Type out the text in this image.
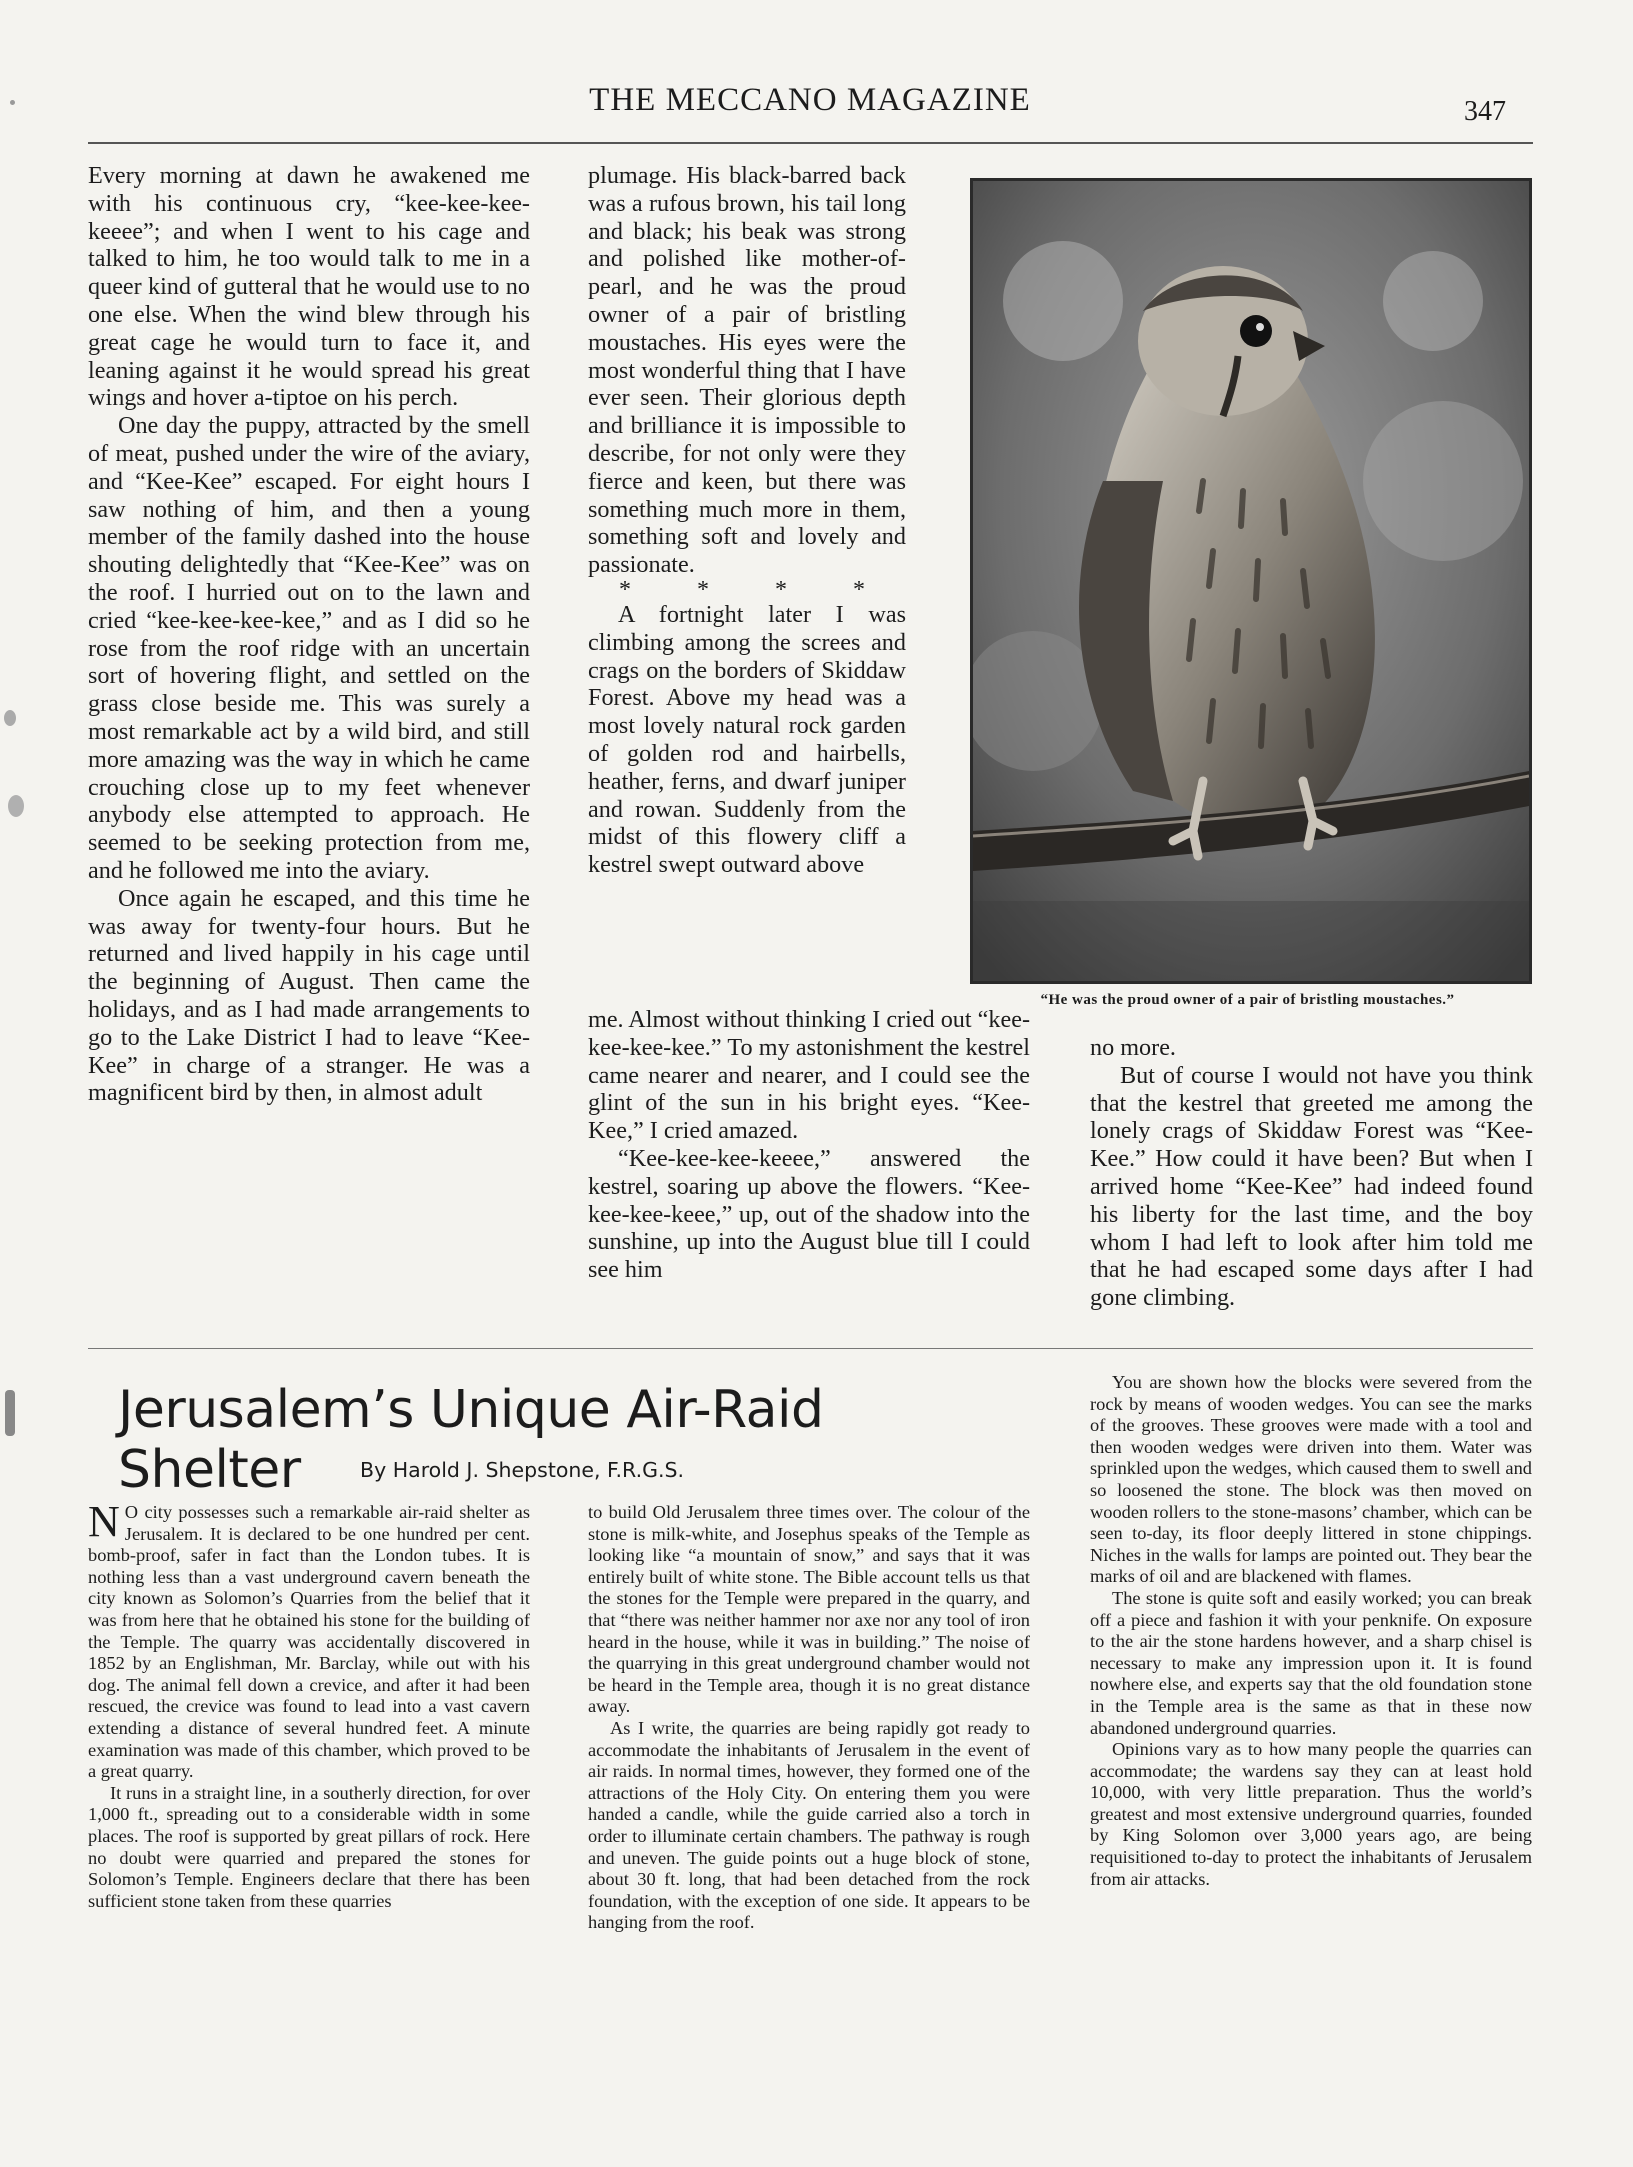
THE MECCANO MAGAZINE	347

Every morning at dawn he awakened me with his continuous cry, “kee-kee-kee-keeee”; and when I went to his cage and talked to him, he too would talk to me in a queer kind of gutteral that he would use to no one else. When the wind blew through his great cage he would turn to face it, and leaning against it he would spread his great wings and hover a-tiptoe on his perch.

One day the puppy, attracted by the smell of meat, pushed under the wire of the aviary, and “Kee-Kee” escaped. For eight hours I saw nothing of him, and then a young member of the family dashed into the house shouting delightedly that “Kee-Kee” was on the roof. I hurried out on to the lawn and cried “kee-kee-kee-kee,” and as I did so he rose from the roof ridge with an uncertain sort of hovering flight, and settled on the grass close beside me. This was surely a most remarkable act by a wild bird, and still more amazing was the way in which he came crouching close up to my feet whenever anybody else attempted to approach. He seemed to be seeking protection from me, and he followed me into the aviary.

Once again he escaped, and this time he was away for twenty-four hours. But he returned and lived happily in his cage until the beginning of August. Then came the holidays, and as I had made arrangements to go to the Lake District I had to leave “Kee-Kee” in charge of a stranger. He was a magnificent bird by then, in almost adult

plumage. His black-barred back was a rufous brown, his tail long and black; his beak was strong and polished like mother-of-pearl, and he was the proud owner of a pair of bristling moustaches. His eyes were the most wonderful thing that I have ever seen. Their glorious depth and brilliance it is impossible to describe, for not only were they fierce and keen, but there was something much more in them, something soft and lovely and passionate.

* * * *

A fortnight later I was climbing among the screes and crags on the borders of Skiddaw Forest. Above my head was a most lovely natural rock garden of golden rod and hairbells, heather, ferns, and dwarf juniper and rowan. Suddenly from the midst of this flowery cliff a kestrel swept outward above

“He was the proud owner of a pair of bristling moustaches.”

me. Almost without thinking I cried out “kee-kee-kee-kee.” To my astonishment the kestrel came nearer and nearer, and I could see the glint of the sun in his bright eyes. “Kee-Kee,” I cried amazed.

“Kee-kee-kee-keeee,” answered the kestrel, soaring up above the flowers. “Kee-kee-kee-keee,” up, out of the shadow into the sunshine, up into the August blue till I could see him

no more.

But of course I would not have you think that the kestrel that greeted me among the lonely crags of Skiddaw Forest was “Kee-Kee.” How could it have been? But when I arrived home “Kee-Kee” had indeed found his liberty for the last time, and the boy whom I had left to look after him told me that he had escaped some days after I had gone climbing.

Jerusalem’s Unique Air-Raid Shelter	By Harold J. Shepstone, F.R.G.S.

N O city possesses such a remarkable air-raid shelter as Jerusalem. It is declared to be one hundred per cent. bomb-proof, safer in fact than the London tubes. It is nothing less than a vast underground cavern beneath the city known as Solomon’s Quarries from the belief that it was from here that he obtained his stone for the building of the Temple. The quarry was accidentally discovered in 1852 by an Englishman, Mr. Barclay, while out with his dog. The animal fell down a crevice, and after it had been rescued, the crevice was found to lead into a vast cavern extending a distance of several hundred feet. A minute examination was made of this chamber, which proved to be a great quarry.

It runs in a straight line, in a southerly direction, for over 1,000 ft., spreading out to a considerable width in some places. The roof is supported by great pillars of rock. Here no doubt were quarried and prepared the stones for Solomon’s Temple. Engineers declare that there has been sufficient stone taken from these quarries

to build Old Jerusalem three times over. The colour of the stone is milk-white, and Josephus speaks of the Temple as looking like “a mountain of snow,” and says that it was entirely built of white stone. The Bible account tells us that the stones for the Temple were prepared in the quarry, and that “there was neither hammer nor axe nor any tool of iron heard in the house, while it was in building.” The noise of the quarrying in this great underground chamber would not be heard in the Temple area, though it is no great distance away.

As I write, the quarries are being rapidly got ready to accommodate the inhabitants of Jerusalem in the event of air raids. In normal times, however, they formed one of the attractions of the Holy City. On entering them you were handed a candle, while the guide carried also a torch in order to illuminate certain chambers. The pathway is rough and uneven. The guide points out a huge block of stone, about 30 ft. long, that had been detached from the rock foundation, with the exception of one side. It appears to be hanging from the roof.

You are shown how the blocks were severed from the rock by means of wooden wedges. You can see the marks of the grooves. These grooves were made with a tool and then wooden wedges were driven into them. Water was sprinkled upon the wedges, which caused them to swell and so loosened the stone. The block was then moved on wooden rollers to the stone-masons’ chamber, which can be seen to-day, its floor deeply littered in stone chippings. Niches in the walls for lamps are pointed out. They bear the marks of oil and are blackened with flames.

The stone is quite soft and easily worked; you can break off a piece and fashion it with your penknife. On exposure to the air the stone hardens however, and a sharp chisel is necessary to make any impression upon it. It is found nowhere else, and experts say that the old foundation stone in the Temple area is the same as that in these now abandoned underground quarries.

Opinions vary as to how many people the quarries can accommodate; the wardens say they can at least hold 10,000, with very little preparation. Thus the world’s greatest and most extensive underground quarries, founded by King Solomon over 3,000 years ago, are being requisitioned to-day to protect the inhabitants of Jerusalem from air attacks.
